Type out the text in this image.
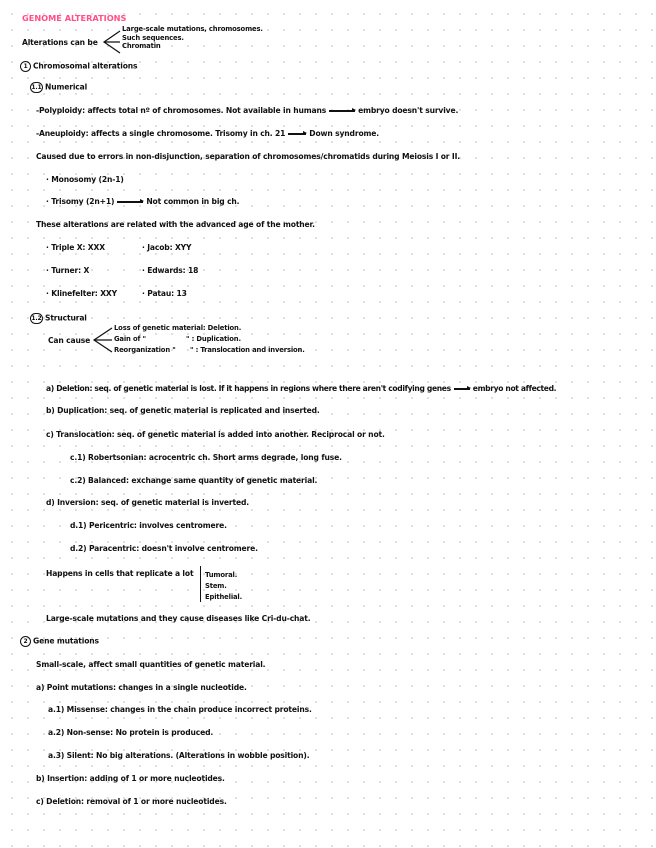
GENOME ALTERATIONS
Alterations can be
Large-scale mutations, chromosomes.
Such sequences.
Chromatin
1 Chromosomal alterations
1.1 Numerical
-Polyploidy: affects total nº of chromosomes. Not available in humans	embryo doesn't survive.
-Aneuploidy: affects a single chromosome. Trisomy in ch. 21	Down syndrome.
Caused due to errors in non-disjunction, separation of chromosomes/chromatids during Meiosis I or II.
· Monosomy (2n-1)
· Trisomy (2n+1)	Not common in big ch.
These alterations are related with the advanced age of the mother.
· Triple X: XXX	· Jacob: XYY
· Turner: X	· Edwards: 18
· Klinefelter: XXY	· Patau: 13
1.2 Structural
Can cause
Loss of genetic material: Deletion.
Gain of "	" : Duplication.
Reorganization " " : Translocation and inversion.
a) Deletion: seq. of genetic material is lost. If it happens in regions where there aren't codifying genes	embryo not affected.
b) Duplication: seq. of genetic material is replicated and inserted.
c) Translocation: seq. of genetic material is added into another. Reciprocal or not.
c.1) Robertsonian: acrocentric ch. Short arms degrade, long fuse.
c.2) Balanced: exchange same quantity of genetic material.
d) Inversion: seq. of genetic material is inverted.
d.1) Pericentric: involves centromere.
d.2) Paracentric: doesn't involve centromere.
Happens in cells that replicate a lot Tumoral.
Stem.
Epithelial.
Large-scale mutations and they cause diseases like Cri-du-chat.
2 Gene mutations
Small-scale, affect small quantities of genetic material.
a) Point mutations: changes in a single nucleotide.
a.1) Missense: changes in the chain produce incorrect proteins.
a.2) Non-sense: No protein is produced.
a.3) Silent: No big alterations. (Alterations in wobble position).
b) Insertion: adding of 1 or more nucleotides.
c) Deletion: removal of 1 or more nucleotides.
